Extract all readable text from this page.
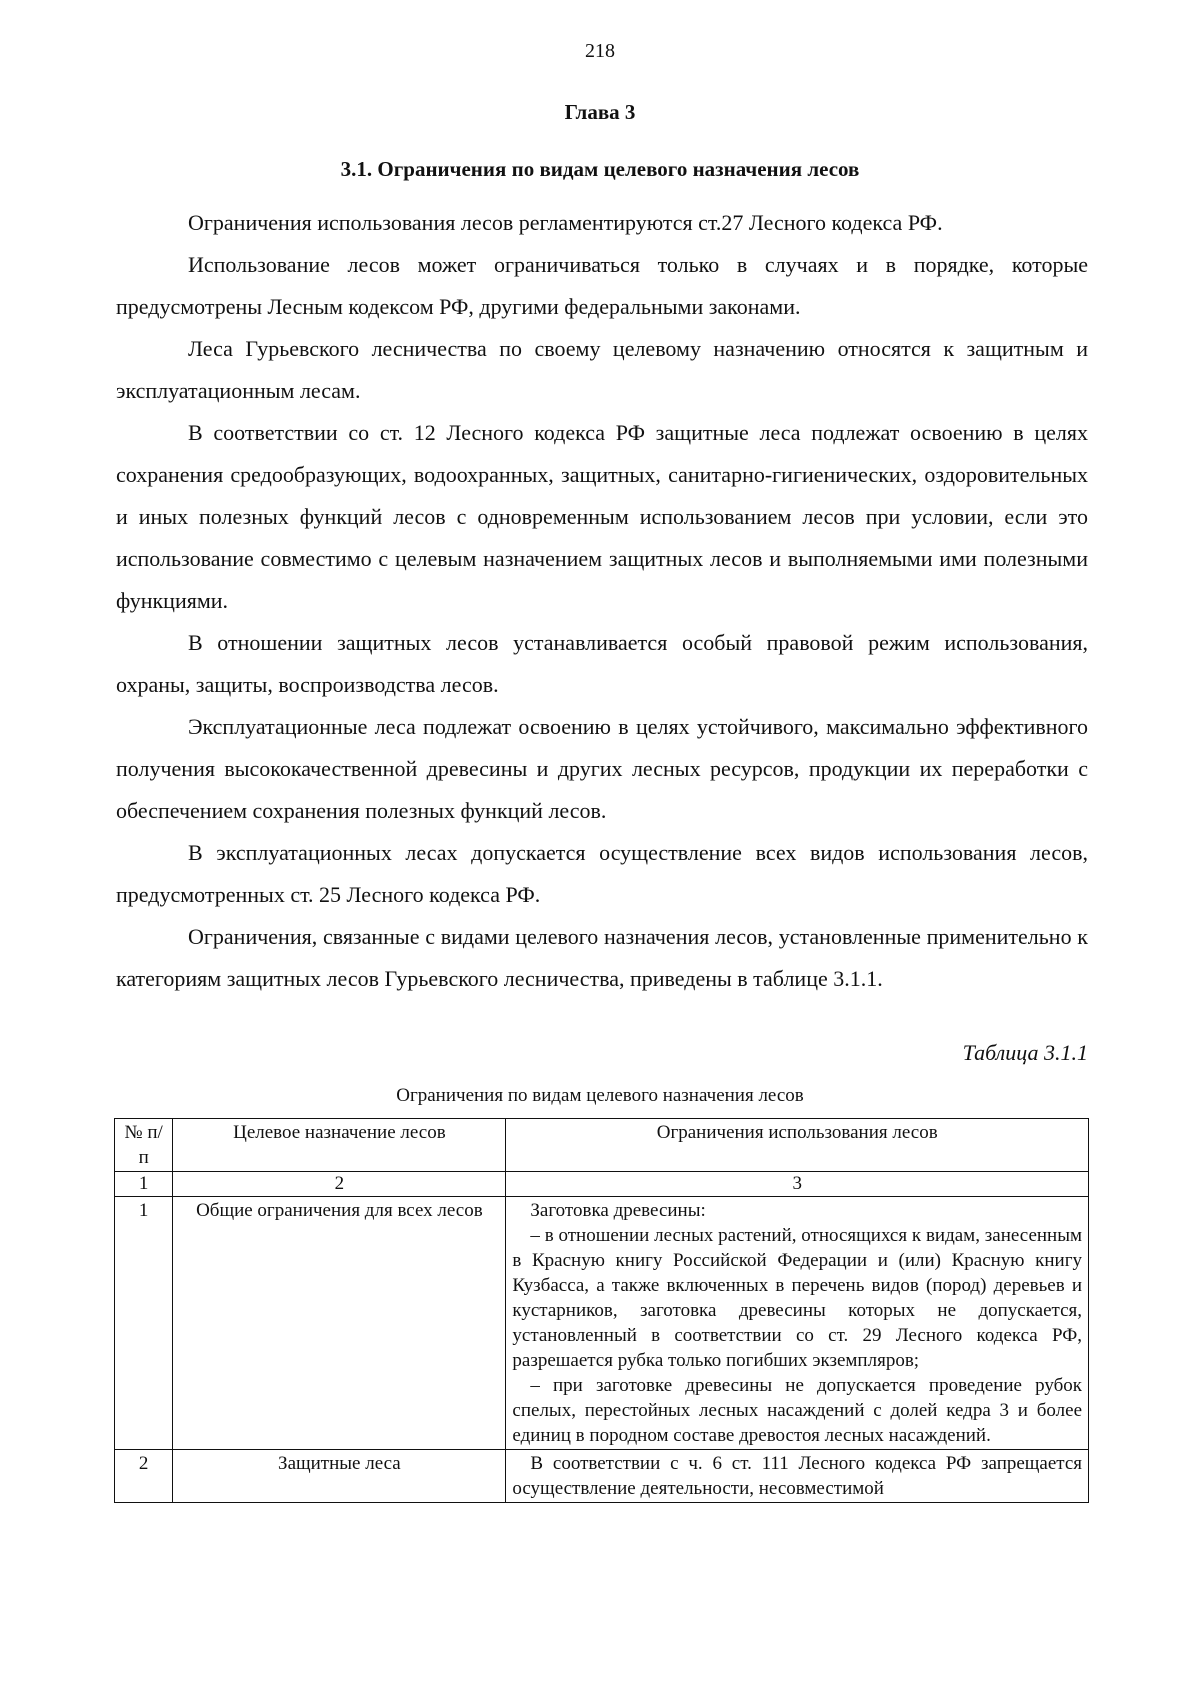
218
Глава 3
3.1. Ограничения по видам целевого назначения лесов

Ограничения использования лесов регламентируются ст.27 Лесного кодекса РФ.

Использование лесов может ограничиваться только в случаях и в порядке, которые предусмотрены Лесным кодексом РФ, другими федеральными законами.

Леса Гурьевского лесничества по своему целевому назначению относятся к защитным и эксплуатационным лесам.

В соответствии со ст. 12 Лесного кодекса РФ защитные леса подлежат освоению в целях сохранения средообразующих, водоохранных, защитных, санитарно-гигиенических, оздоровительных и иных полезных функций лесов с одновременным использованием лесов при условии, если это использование совместимо с целевым назначением защитных лесов и выполняемыми ими полезными функциями.

В отношении защитных лесов устанавливается особый правовой режим использования, охраны, защиты, воспроизводства лесов.

Эксплуатационные леса подлежат освоению в целях устойчивого, максимально эффективного получения высококачественной древесины и других лесных ресурсов, продукции их переработки с обеспечением сохранения полезных функций лесов.

В эксплуатационных лесах допускается осуществление всех видов использования лесов, предусмотренных ст. 25 Лесного кодекса РФ.

Ограничения, связанные с видами целевого назначения лесов, установленные применительно к категориям защитных лесов Гурьевского лесничества, приведены в таблице 3.1.1.

Таблица 3.1.1
Ограничения по видам целевого назначения лесов
№ п/п	Целевое назначение лесов	Ограничения использования лесов
1	2	3
1	Общие ограничения для всех лесов	Заготовка древесины:
– в отношении лесных растений, относящихся к видам, занесенным в Красную книгу Российской Федерации и (или) Красную книгу Кузбасса, а также включенных в перечень видов (пород) деревьев и кустарников, заготовка древесины которых не допускается, установленный в соответствии со ст. 29 Лесного кодекса РФ, разрешается рубка только погибших экземпляров;
– при заготовке древесины не допускается проведение рубок спелых, перестойных лесных насаждений с долей кедра 3 и более единиц в породном составе древостоя лесных насаждений.

2	Защитные леса	В соответствии с ч. 6 ст. 111 Лесного кодекса РФ запрещается осуществление деятельности, несовместимой
